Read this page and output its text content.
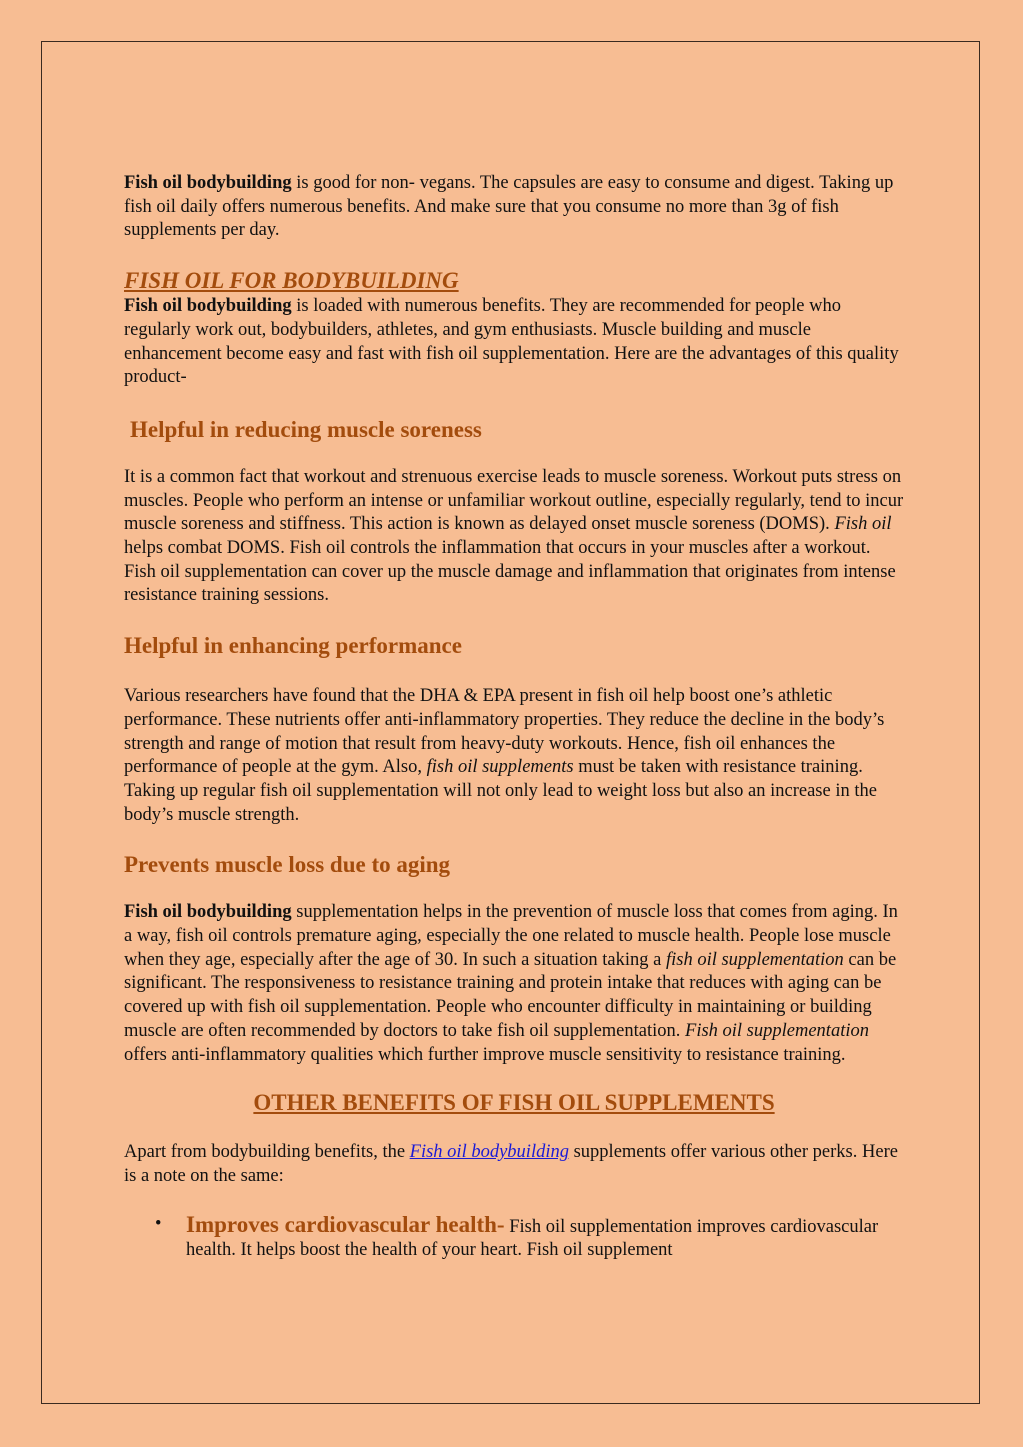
Fish oil bodybuilding is good for non- vegans. The capsules are easy to consume and digest. Taking up fish oil daily offers numerous benefits. And make sure that you consume no more than 3g of fish supplements per day.

FISH OIL FOR BODYBUILDING

Fish oil bodybuilding is loaded with numerous benefits. They are recommended for people who regularly work out, bodybuilders, athletes, and gym enthusiasts. Muscle building and muscle enhancement become easy and fast with fish oil supplementation. Here are the advantages of this quality product-

Helpful in reducing muscle soreness

It is a common fact that workout and strenuous exercise leads to muscle soreness. Workout puts stress on muscles. People who perform an intense or unfamiliar workout outline, especially regularly, tend to incur muscle soreness and stiffness. This action is known as delayed onset muscle soreness (DOMS). Fish oil helps combat DOMS. Fish oil controls the inflammation that occurs in your muscles after a workout. Fish oil supplementation can cover up the muscle damage and inflammation that originates from intense resistance training sessions.

Helpful in enhancing performance

Various researchers have found that the DHA & EPA present in fish oil help boost one’s athletic performance. These nutrients offer anti-inflammatory properties. They reduce the decline in the body’s strength and range of motion that result from heavy-duty workouts. Hence, fish oil enhances the performance of people at the gym. Also, fish oil supplements must be taken with resistance training. Taking up regular fish oil supplementation will not only lead to weight loss but also an increase in the body’s muscle strength.

Prevents muscle loss due to aging

Fish oil bodybuilding supplementation helps in the prevention of muscle loss that comes from aging. In a way, fish oil controls premature aging, especially the one related to muscle health. People lose muscle when they age, especially after the age of 30. In such a situation taking a fish oil supplementation can be significant. The responsiveness to resistance training and protein intake that reduces with aging can be covered up with fish oil supplementation. People who encounter difficulty in maintaining or building muscle are often recommended by doctors to take fish oil supplementation. Fish oil supplementation offers anti-inflammatory qualities which further improve muscle sensitivity to resistance training.

OTHER BENEFITS OF FISH OIL SUPPLEMENTS

Apart from bodybuilding benefits, the Fish oil bodybuilding supplements offer various other perks. Here is a note on the same:

• Improves cardiovascular health- Fish oil supplementation improves cardiovascular health. It helps boost the health of your heart. Fish oil supplement
